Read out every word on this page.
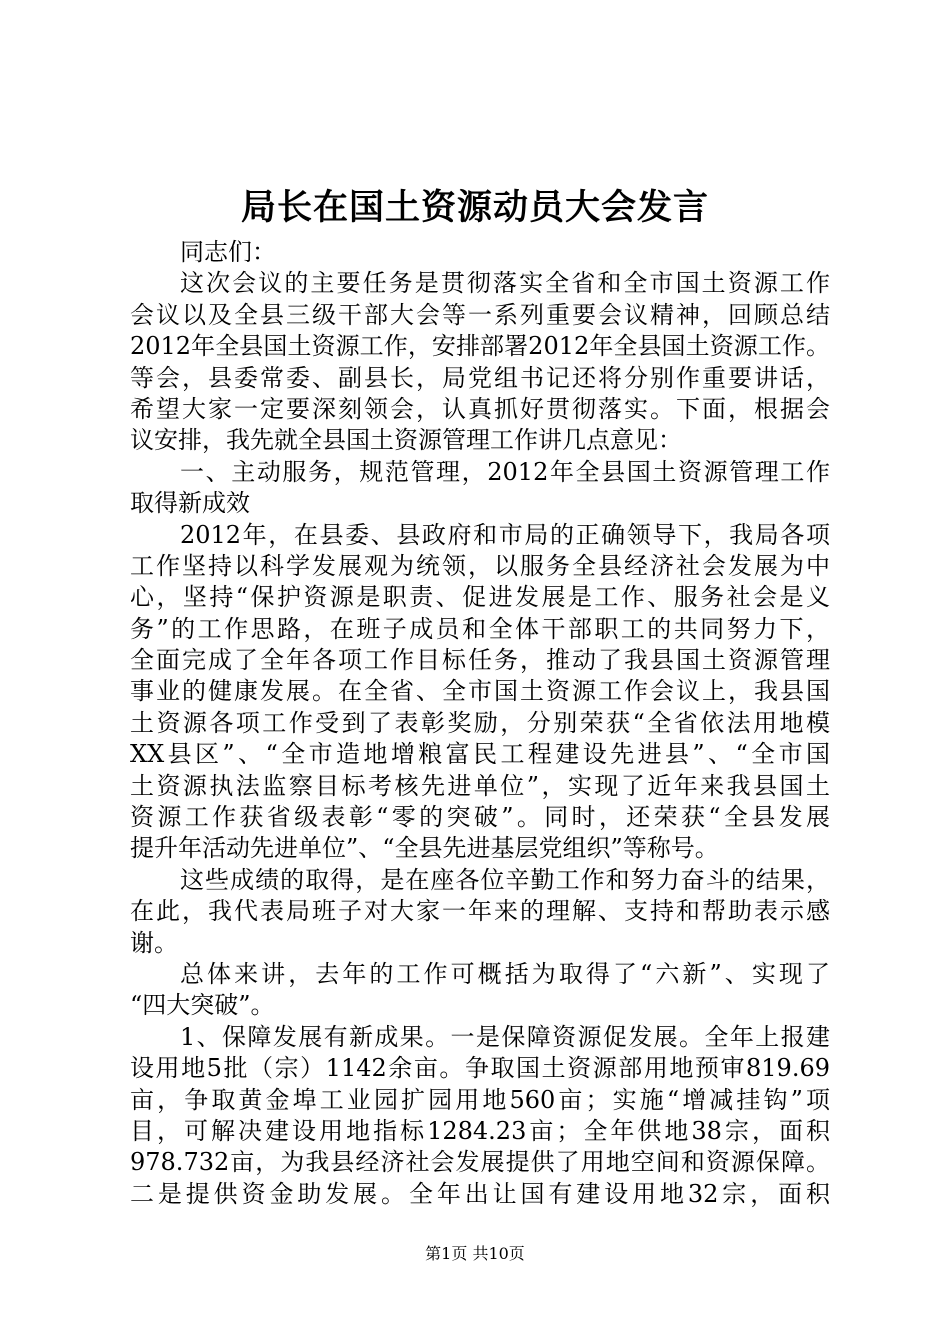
局长在国土资源动员大会发言
同志们：
这次会议的主要任务是贯彻落实全省和全市国土资源工作
会议以及全县三级干部大会等一系列重要会议精神，回顾总结
2012年全县国土资源工作，安排部署2012年全县国土资源工作。
等会，县委常委、副县长，局党组书记还将分别作重要讲话，
希望大家一定要深刻领会，认真抓好贯彻落实。下面，根据会
议安排，我先就全县国土资源管理工作讲几点意见：
一、主动服务，规范管理，2012年全县国土资源管理工作
取得新成效
2012年，在县委、县政府和市局的正确领导下，我局各项
工作坚持以科学发展观为统领，以服务全县经济社会发展为中
心，坚持“保护资源是职责、促进发展是工作、服务社会是义
务”的工作思路，在班子成员和全体干部职工的共同努力下，
全面完成了全年各项工作目标任务，推动了我县国土资源管理
事业的健康发展。在全省、全市国土资源工作会议上，我县国
土资源各项工作受到了表彰奖励，分别荣获“全省依法用地模
XX县区”、“全市造地增粮富民工程建设先进县”、“全市国
土资源执法监察目标考核先进单位”，实现了近年来我县国土
资源工作获省级表彰“零的突破”。同时，还荣获“全县发展
提升年活动先进单位”、“全县先进基层党组织”等称号。
这些成绩的取得，是在座各位辛勤工作和努力奋斗的结果，
在此，我代表局班子对大家一年来的理解、支持和帮助表示感
谢。
总体来讲，去年的工作可概括为取得了“六新”、实现了
“四大突破”。
1、保障发展有新成果。一是保障资源促发展。全年上报建
设用地5批（宗）1142余亩。争取国土资源部用地预审819.69
亩，争取黄金埠工业园扩园用地560亩；实施“增减挂钩”项
目，可解决建设用地指标1284.23亩；全年供地38宗，面积
978.732亩，为我县经济社会发展提供了用地空间和资源保障。
二是提供资金助发展。全年出让国有建设用地32宗，面积
第1页 共10页
